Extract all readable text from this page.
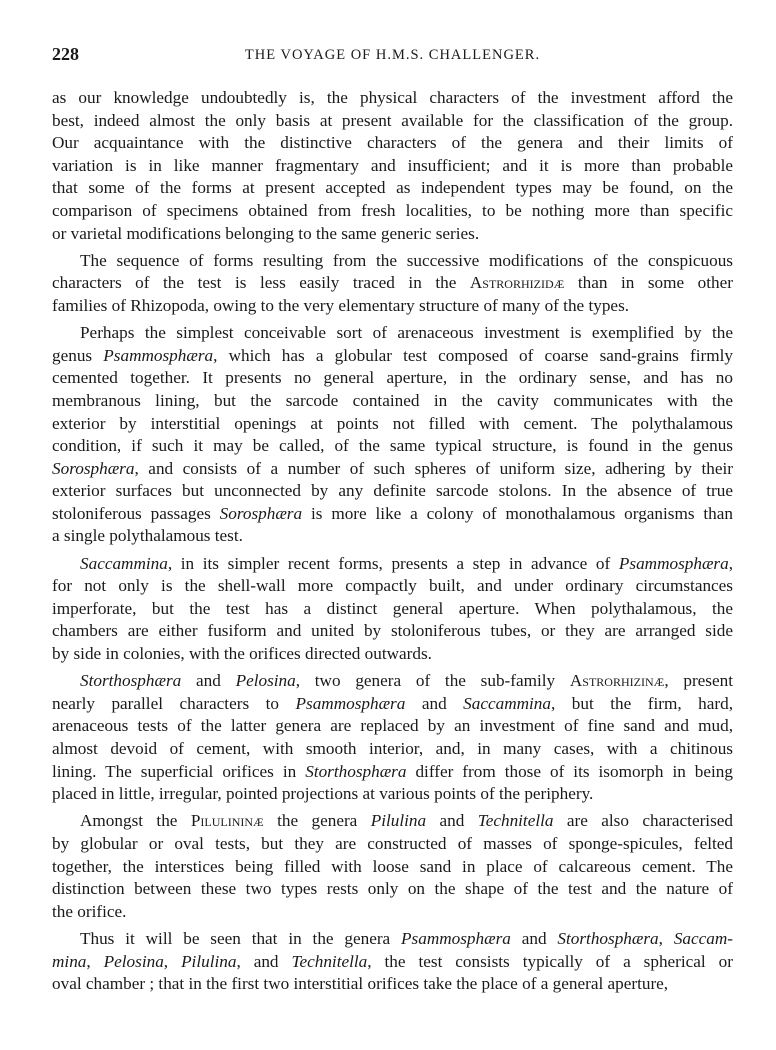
228	THE VOYAGE OF H.M.S. CHALLENGER.
as our knowledge undoubtedly is, the physical characters of the investment afford the
best, indeed almost the only basis at present available for the classification of the group.
Our acquaintance with the distinctive characters of the genera and their limits of
variation is in like manner fragmentary and insufficient; and it is more than probable
that some of the forms at present accepted as independent types may be found, on the
comparison of specimens obtained from fresh localities, to be nothing more than specific
or varietal modifications belonging to the same generic series.
The sequence of forms resulting from the successive modifications of the conspicuous
characters of the test is less easily traced in the Astrorhizidæ than in some other
families of Rhizopoda, owing to the very elementary structure of many of the types.
Perhaps the simplest conceivable sort of arenaceous investment is exemplified by the
genus Psammosphæra, which has a globular test composed of coarse sand-grains firmly
cemented together. It presents no general aperture, in the ordinary sense, and has no
membranous lining, but the sarcode contained in the cavity communicates with the
exterior by interstitial openings at points not filled with cement. The polythalamous
condition, if such it may be called, of the same typical structure, is found in the genus
Sorosphæra, and consists of a number of such spheres of uniform size, adhering by their
exterior surfaces but unconnected by any definite sarcode stolons. In the absence of true
stoloniferous passages Sorosphæra is more like a colony of monothalamous organisms than
a single polythalamous test.
Saccammina, in its simpler recent forms, presents a step in advance of Psammosphæra,
for not only is the shell-wall more compactly built, and under ordinary circumstances
imperforate, but the test has a distinct general aperture. When polythalamous, the
chambers are either fusiform and united by stoloniferous tubes, or they are arranged side
by side in colonies, with the orifices directed outwards.
Storthosphæra and Pelosina, two genera of the sub-family Astrorhizinæ, present
nearly parallel characters to Psammosphæra and Saccammina, but the firm, hard,
arenaceous tests of the latter genera are replaced by an investment of fine sand and mud,
almost devoid of cement, with smooth interior, and, in many cases, with a chitinous
lining. The superficial orifices in Storthosphæra differ from those of its isomorph in being
placed in little, irregular, pointed projections at various points of the periphery.
Amongst the Pilulininæ the genera Pilulina and Technitella are also characterised
by globular or oval tests, but they are constructed of masses of sponge-spicules, felted
together, the interstices being filled with loose sand in place of calcareous cement. The
distinction between these two types rests only on the shape of the test and the nature of
the orifice.
Thus it will be seen that in the genera Psammosphæra and Storthosphæra, Saccam-
mina, Pelosina, Pilulina, and Technitella, the test consists typically of a spherical or
oval chamber ; that in the first two interstitial orifices take the place of a general aperture,
